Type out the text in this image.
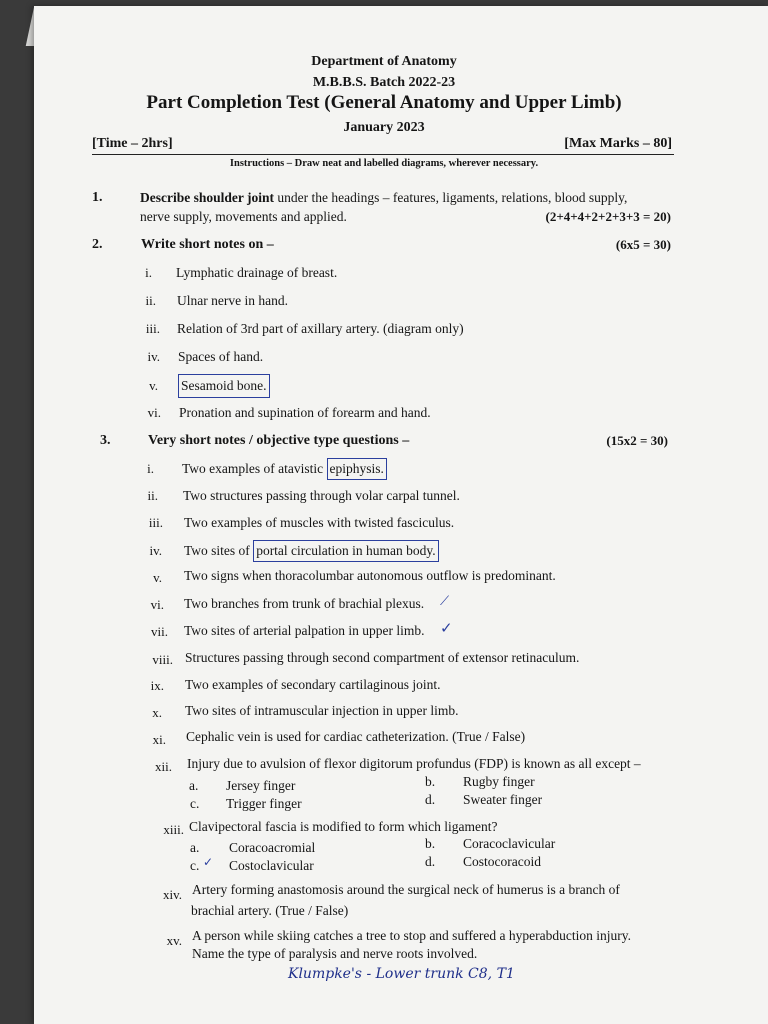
Department of Anatomy
M.B.B.S. Batch 2022-23
Part Completion Test (General Anatomy and Upper Limb)
January 2023
[Time – 2hrs]	[Max Marks – 80]
Instructions – Draw neat and labelled diagrams, wherever necessary.
1.	Describe shoulder joint under the headings – features, ligaments, relations, blood supply,
nerve supply, movements and applied.	(2+4+4+2+2+3+3 = 20)
2.	Write short notes on –	(6x5 = 30)
i. Lymphatic drainage of breast.
ii. Ulnar nerve in hand.
iii. Relation of 3rd part of axillary artery. (diagram only)
iv. Spaces of hand.
v. Sesamoid bone.
vi. Pronation and supination of forearm and hand.
3.	Very short notes / objective type questions –	(15x2 = 30)
i. Two examples of atavistic epiphysis.
ii. Two structures passing through volar carpal tunnel.
iii. Two examples of muscles with twisted fasciculus.
iv. Two sites of portal circulation in human body.
v. Two signs when thoracolumbar autonomous outflow is predominant.
vi. Two branches from trunk of brachial plexus. ⟋
vii. Two sites of arterial palpation in upper limb. ✓
viii. Structures passing through second compartment of extensor retinaculum.
ix. Two examples of secondary cartilaginous joint.
x. Two sites of intramuscular injection in upper limb.
xi. Cephalic vein is used for cardiac catheterization. (True / False)
xii. Injury due to avulsion of flexor digitorum profundus (FDP) is known as all except –
a. Jersey finger	b. Rugby finger
c. Trigger finger	d. Sweater finger
xiii. Clavipectoral fascia is modified to form which ligament?
a. Coracoacromial	b. Coracoclavicular
c. ✓ Costoclavicular	d. Costocoracoid
xiv. Artery forming anastomosis around the surgical neck of humerus is a branch of
brachial artery. (True / False)
xv. A person while skiing catches a tree to stop and suffered a hyperabduction injury.
Name the type of paralysis and nerve roots involved.
Klumpke's - Lower trunk C8, T1
